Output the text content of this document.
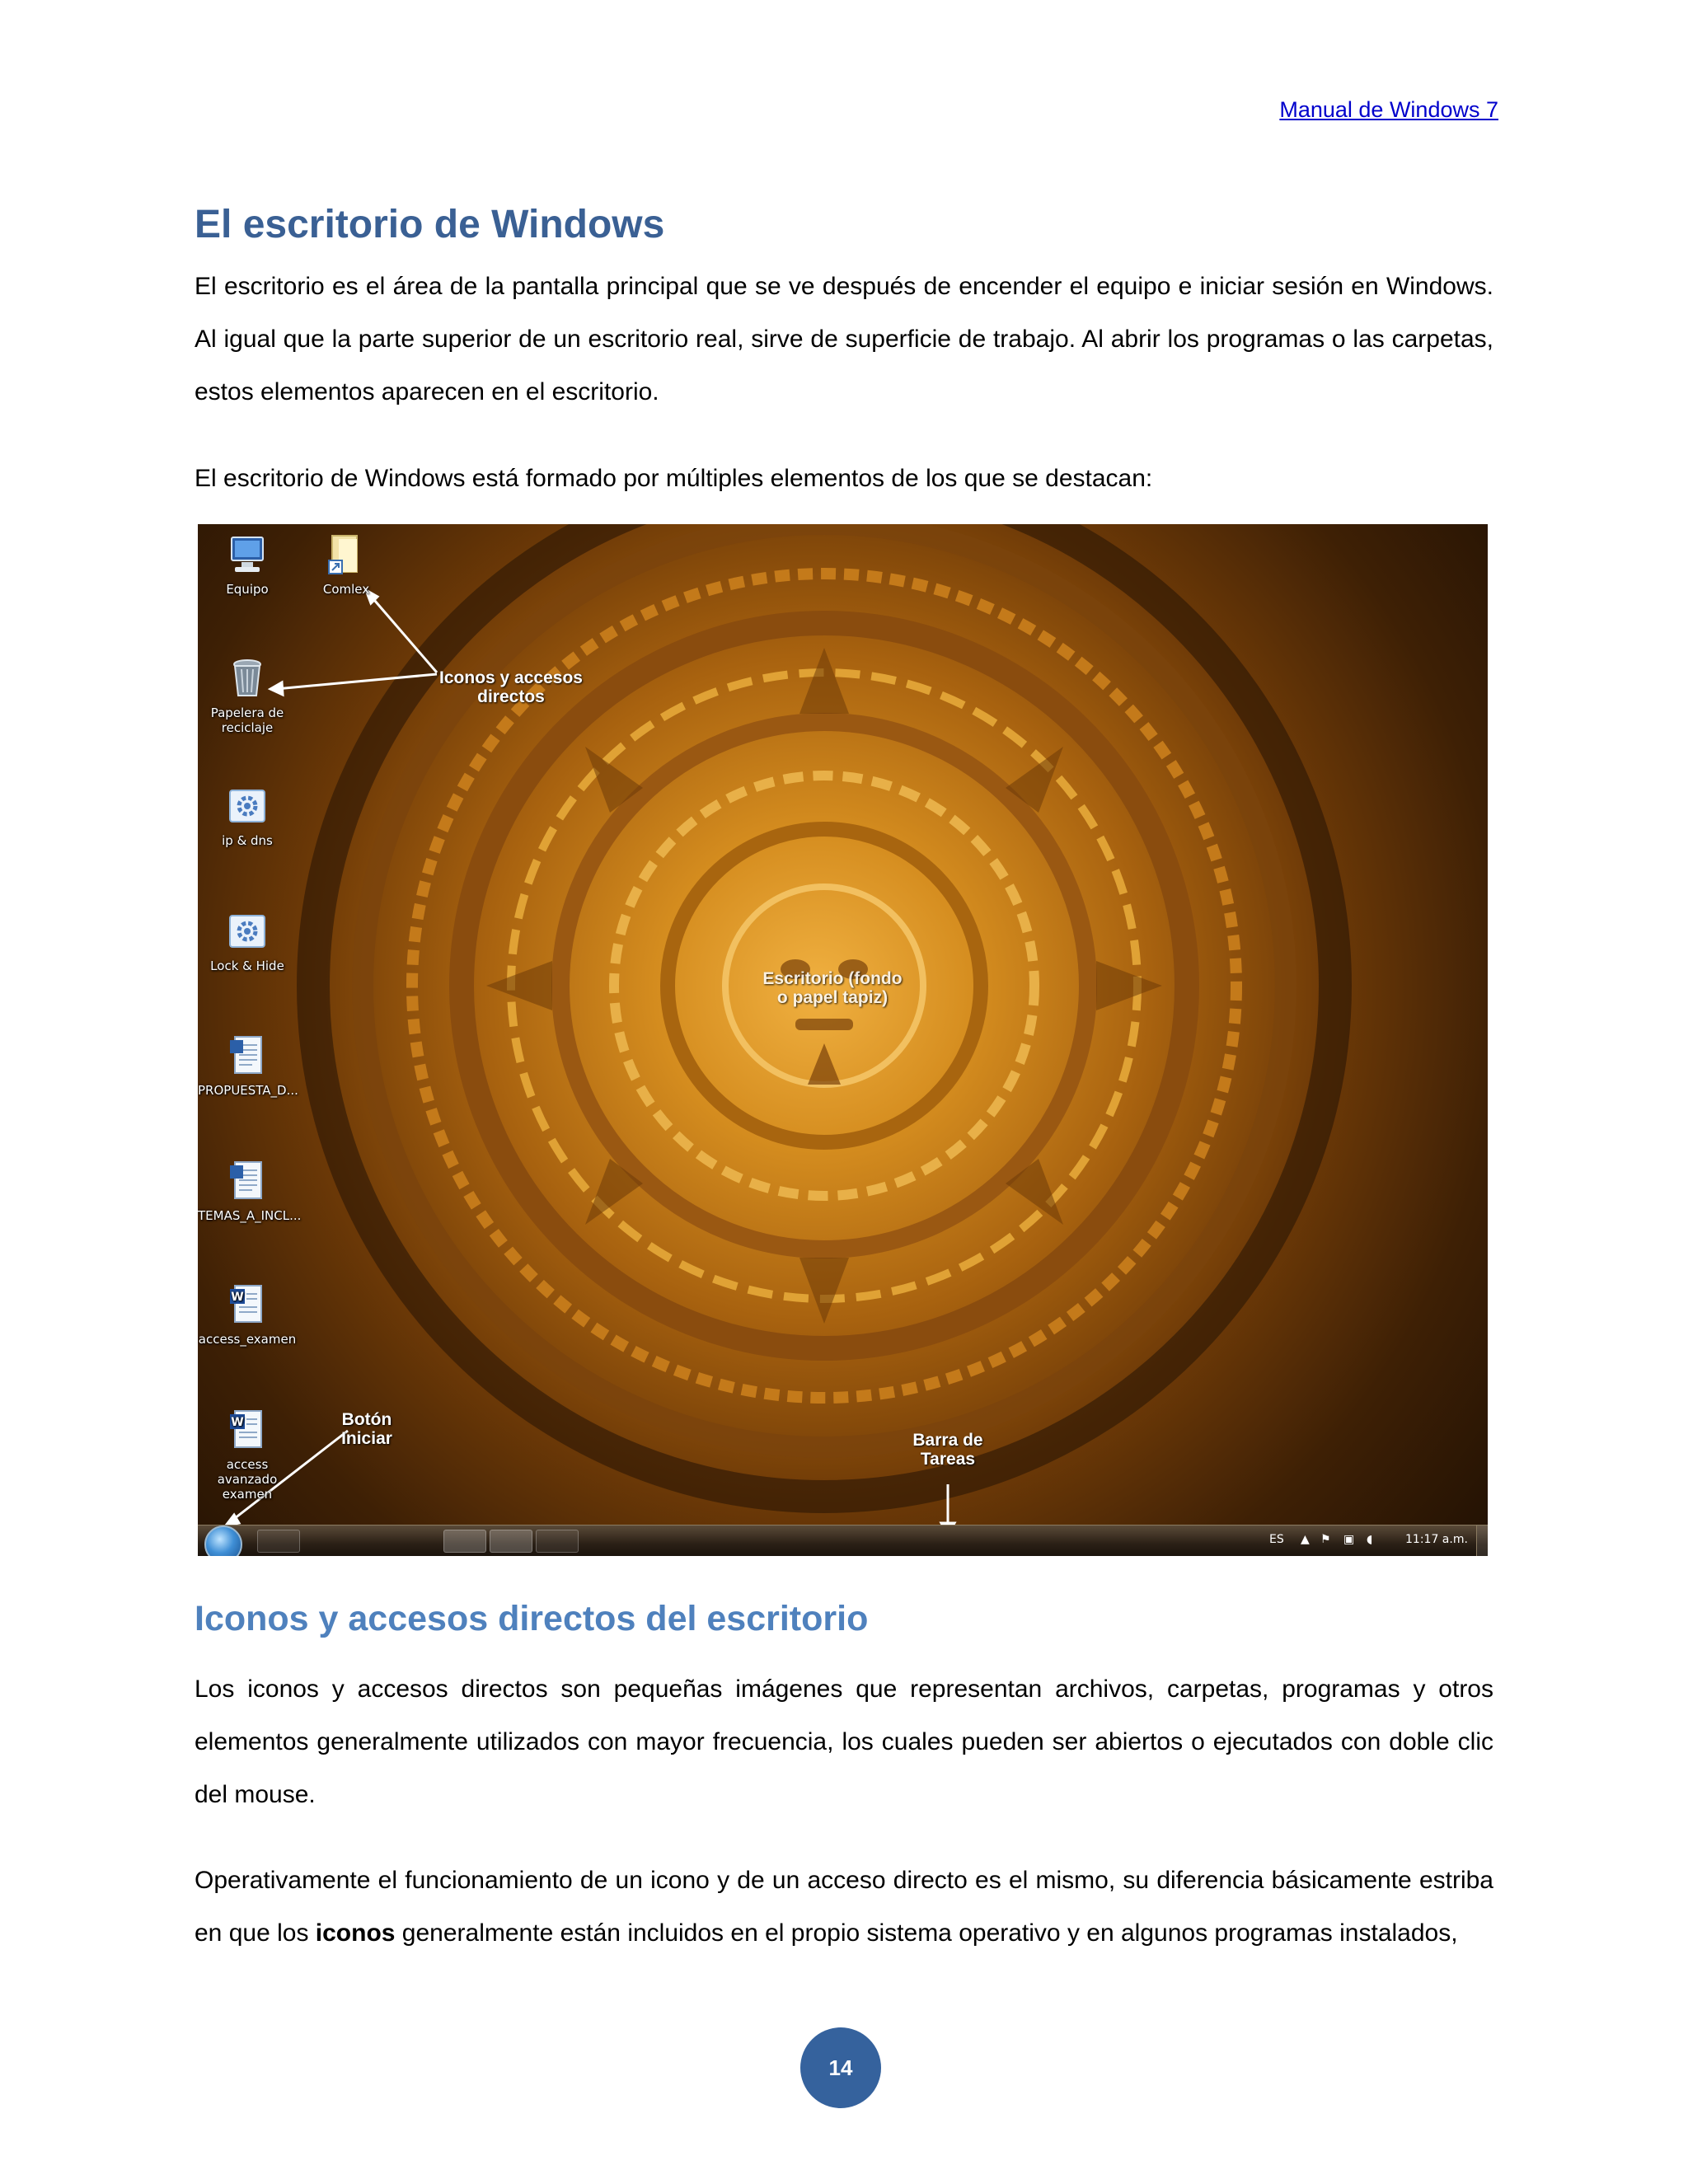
Manual de Windows 7
El escritorio de Windows

El escritorio es el área de la pantalla principal que se ve después de encender el equipo e iniciar sesión en Windows. Al igual que la parte superior de un escritorio real, sirve de superficie de trabajo. Al abrir los programas o las carpetas, estos elementos aparecen en el escritorio.

El escritorio de Windows está formado por múltiples elementos de los que se destacan:

Equipo	Comlex
Papelera de reciclaje
ip & dns
Lock & Hide
PROPUESTA_D...
TEMAS_A_INCL...
W
access_examen
W
access avanzado examen
Iconos y accesos directos
Escritorio (fondo o papel tapiz)
Botón Iniciar	Barra de Tareas
ES ▲ ⚑ ▣ ◖	11:17 a.m.
Iconos y accesos directos del escritorio

Los iconos y accesos directos son pequeñas imágenes que representan archivos, carpetas, programas y otros elementos generalmente utilizados con mayor frecuencia, los cuales pueden ser abiertos o ejecutados con doble clic del mouse.

Operativamente el funcionamiento de un icono y de un acceso directo es el mismo, su diferencia básicamente estriba en que los iconos generalmente están incluidos en el propio sistema operativo y en algunos programas instalados,

14
